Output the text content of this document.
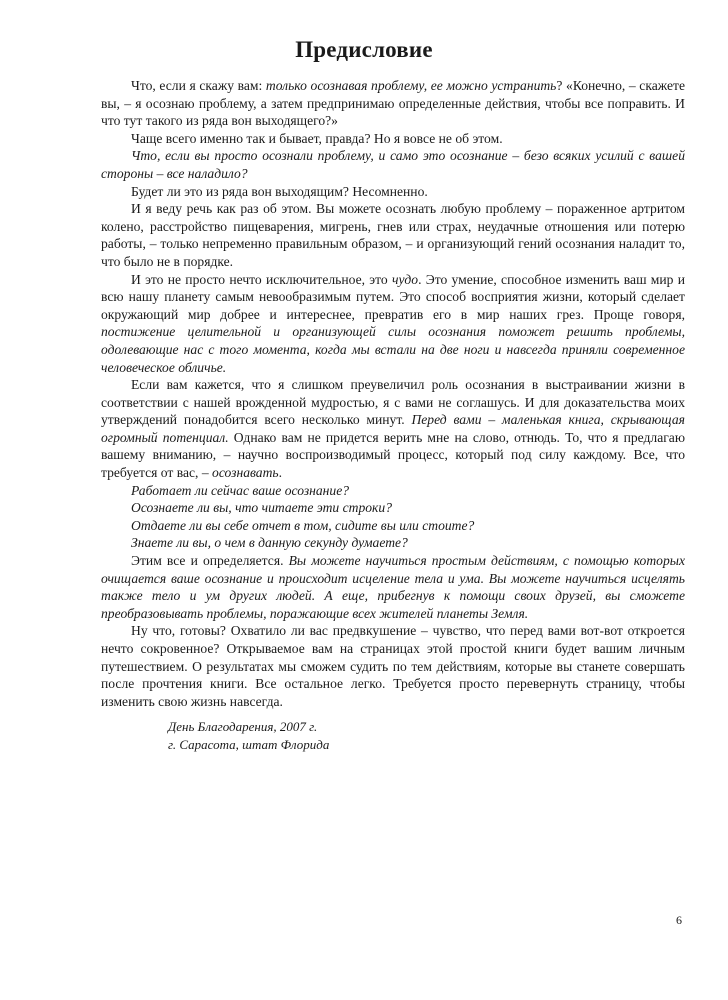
Предисловие

Что, если я скажу вам: только осознавая проблему, ее можно устранить? «Конечно, – скажете вы, – я осознаю проблему, а затем предпринимаю определенные действия, чтобы все поправить. И что тут такого из ряда вон выходящего?»

Чаще всего именно так и бывает, правда? Но я вовсе не об этом.

Что, если вы просто осознали проблему, и само это осознание – безо всяких усилий с вашей стороны – все наладило?

Будет ли это из ряда вон выходящим? Несомненно.

И я веду речь как раз об этом. Вы можете осознать любую проблему – пораженное артритом колено, расстройство пищеварения, мигрень, гнев или страх, неудачные отношения или потерю работы, – только непременно правильным образом, – и организующий гений осознания наладит то, что было не в порядке.

И это не просто нечто исключительное, это чудо. Это умение, способное изменить ваш мир и всю нашу планету самым невообразимым путем. Это способ восприятия жизни, который сделает окружающий мир добрее и интереснее, превратив его в мир наших грез. Проще говоря, постижение целительной и организующей силы осознания поможет решить проблемы, одолевающие нас с того момента, когда мы встали на две ноги и навсегда приняли современное человеческое обличье.

Если вам кажется, что я слишком преувеличил роль осознания в выстраивании жизни в соответствии с нашей врожденной мудростью, я с вами не соглашусь. И для доказательства моих утверждений понадобится всего несколько минут. Перед вами – маленькая книга, скрывающая огромный потенциал. Однако вам не придется верить мне на слово, отнюдь. То, что я предлагаю вашему вниманию, – научно воспроизводимый процесс, который под силу каждому. Все, что требуется от вас, – осознавать.

Работает ли сейчас ваше осознание?

Осознаете ли вы, что читаете эти строки?

Отдаете ли вы себе отчет в том, сидите вы или стоите?

Знаете ли вы, о чем в данную секунду думаете?

Этим все и определяется. Вы можете научиться простым действиям, с помощью которых очищается ваше осознание и происходит исцеление тела и ума. Вы можете научиться исцелять также тело и ум других людей. А еще, прибегнув к помощи своих друзей, вы сможете преобразовывать проблемы, поражающие всех жителей планеты Земля.

Ну что, готовы? Охватило ли вас предвкушение – чувство, что перед вами вот-вот откроется нечто сокровенное? Открываемое вам на страницах этой простой книги будет вашим личным путешествием. О результатах мы сможем судить по тем действиям, которые вы станете совершать после прочтения книги. Все остальное легко. Требуется просто перевернуть страницу, чтобы изменить свою жизнь навсегда.

День Благодарения, 2007 г.
г. Сарасота, штат Флорида
6
